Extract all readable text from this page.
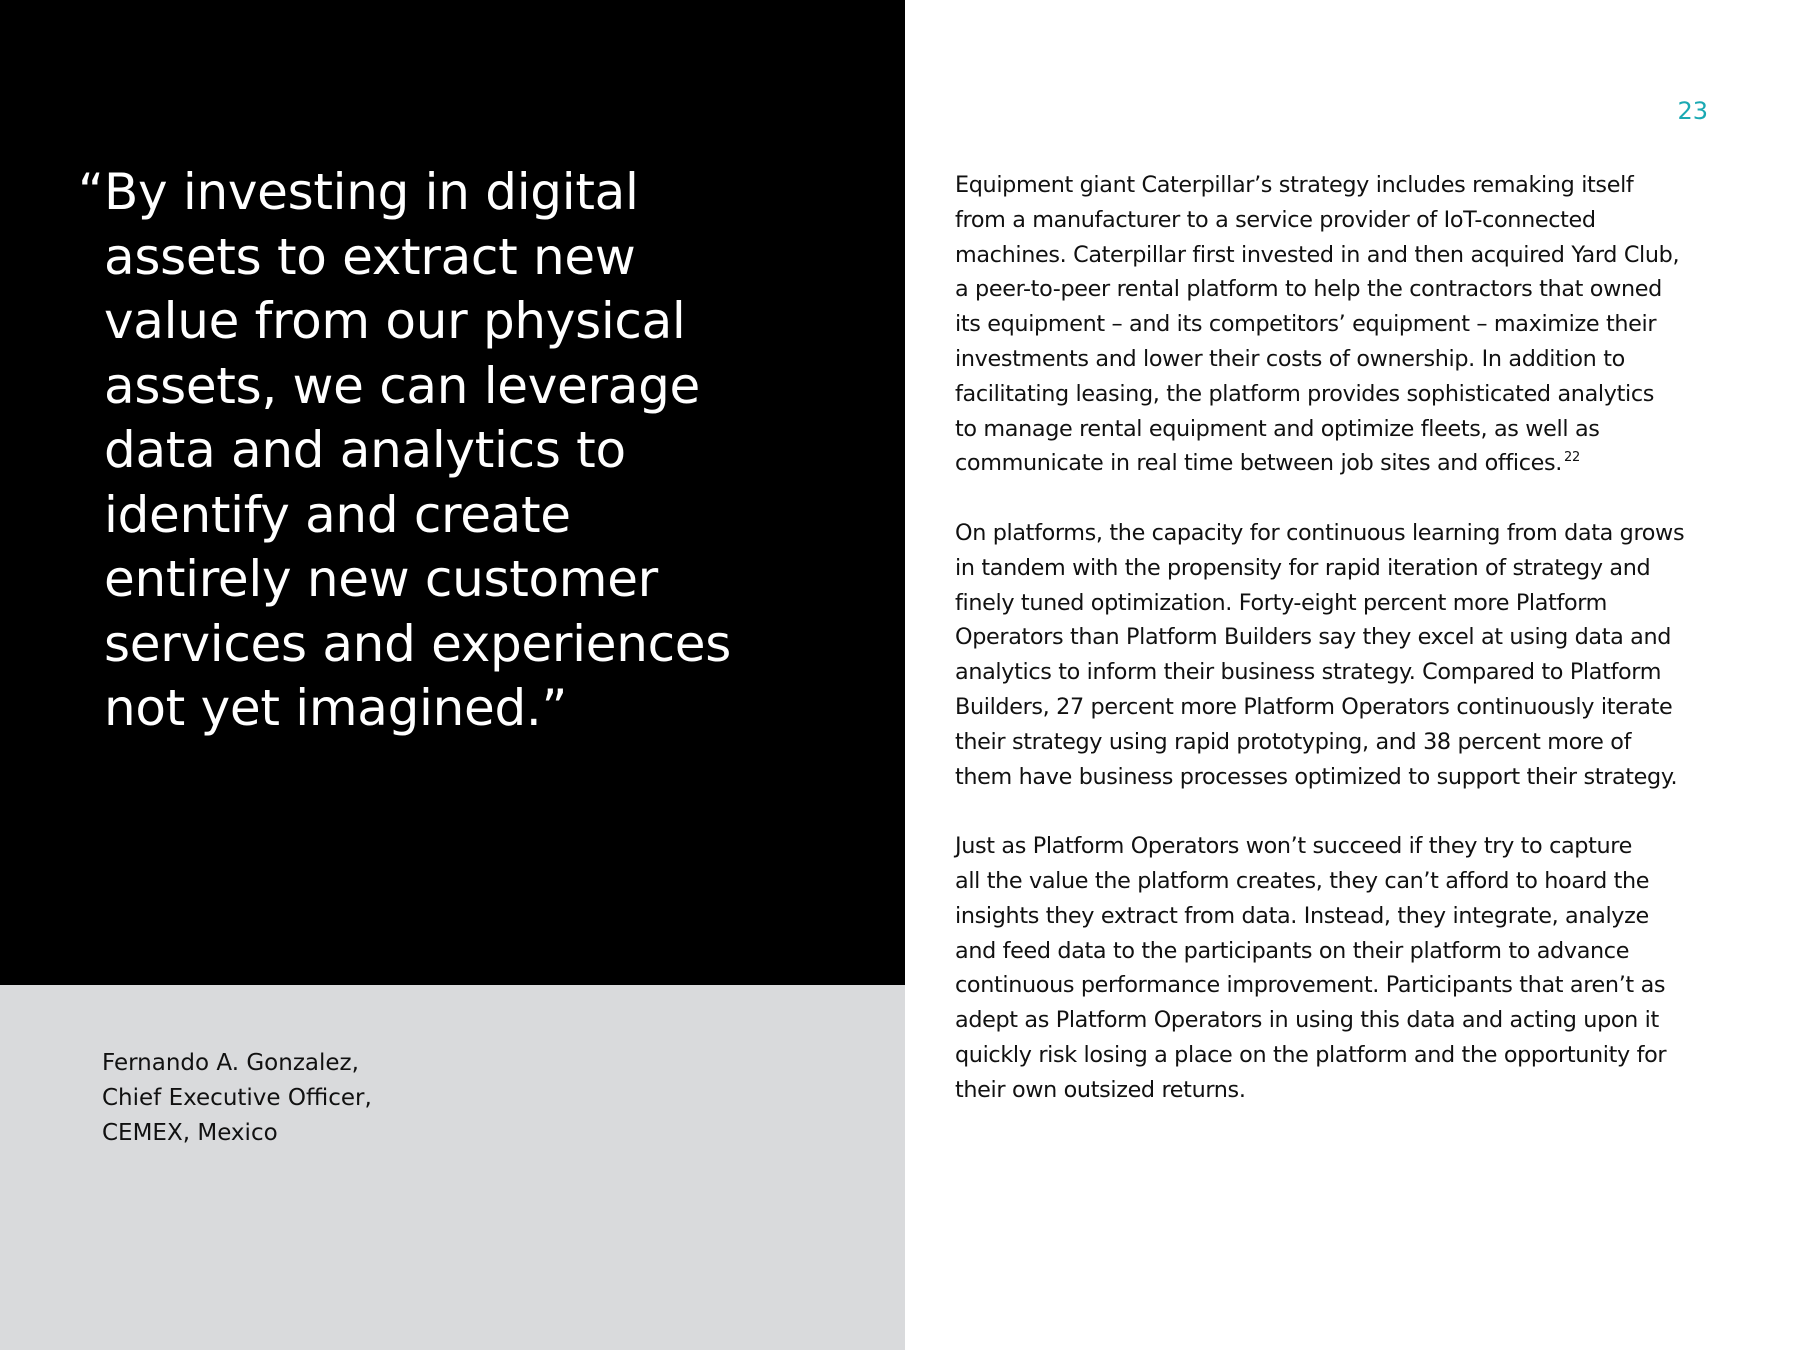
“ By investing in digital
assets to extract new
value from our physical
assets, we can leverage
data and analytics to
identify and create
entirely new customer
services and experiences
not yet imagined.”

Fernando A. Gonzalez,
Chief Executive Officer,
CEMEX, Mexico

23

Equipment giant Caterpillar’s strategy includes remaking itself
from a manufacturer to a service provider of IoT-connected
machines. Caterpillar first invested in and then acquired Yard Club,
a peer-to-peer rental platform to help the contractors that owned
its equipment – and its competitors’ equipment – maximize their
investments and lower their costs of ownership. In addition to
facilitating leasing, the platform provides sophisticated analytics
to manage rental equipment and optimize fleets, as well as
communicate in real time between job sites and offices. $^{22}$

On platforms, the capacity for continuous learning from data grows
in tandem with the propensity for rapid iteration of strategy and
finely tuned optimization. Forty-eight percent more Platform
Operators than Platform Builders say they excel at using data and
analytics to inform their business strategy. Compared to Platform
Builders, 27 percent more Platform Operators continuously iterate
their strategy using rapid prototyping, and 38 percent more of
them have business processes optimized to support their strategy.

Just as Platform Operators won’t succeed if they try to capture
all the value the platform creates, they can’t afford to hoard the
insights they extract from data. Instead, they integrate, analyze
and feed data to the participants on their platform to advance
continuous performance improvement. Participants that aren’t as
adept as Platform Operators in using this data and acting upon it
quickly risk losing a place on the platform and the opportunity for
their own outsized returns.
